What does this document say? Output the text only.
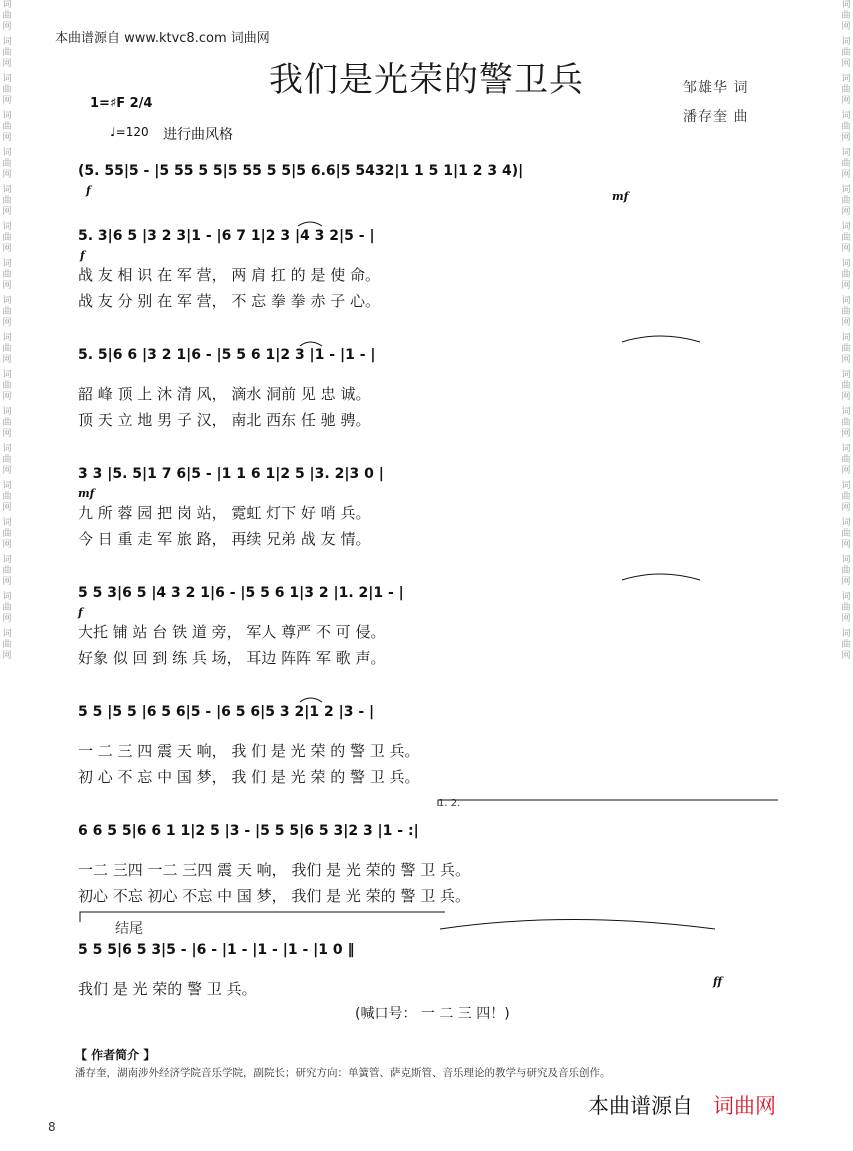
词
曲
网
词
曲
网
词
曲
网
词
曲
网
词
曲
网
词
曲
网
词
曲
网
词
曲
网
词
曲
网
词
曲
网
词
曲
网
词
曲
网
词
曲
网
词
曲
网
词
曲
网
词
曲
网
词
曲
网
词
曲
网
词
曲
网
词
曲
网
词
曲
网
词
曲
网
词
曲
网
词
曲
网
词
曲
网
词
曲
网
词
曲
网
词
曲
网
词
曲
网
词
曲
网
词
曲
网
词
曲
网
词
曲
网
词
曲
网
词
曲
网
词
曲
网
本曲谱源自 www.ktvc8.com 词曲网
我们是光荣的警卫兵	邹雄华 词
潘存奎 曲
1=♯F 2/4
♩=120 进行曲风格
(5. 55|5 - |5 55 5 5|5 55 5 5|5 6.6|5 5432|1 1 5 1|1 2 3 4)|
5. 3|6 5 |3 2 3|1 - |6 7 1|2 3 |4 3 2|5 - |
战 友 相 识 在 军 营， 两 肩 扛 的 是 使 命。
战 友 分 别 在 军 营， 不 忘 拳 拳 赤 子 心。
5. 5|6 6 |3 2 1|6 - |5 5 6 1|2 3 |1 - |1 - |
韶 峰 顶 上 沐 清 风， 滴水 洞前 见 忠 诚。
顶 天 立 地 男 子 汉， 南北 西东 任 驰 骋。
3 3 |5. 5|1 7 6|5 - |1 1 6 1|2 5 |3. 2|3 0 |
九 所 蓉 园 把 岗 站， 霓虹 灯下 好 哨 兵。
今 日 重 走 军 旅 路， 再续 兄弟 战 友 情。
5 5 3|6 5 |4 3 2 1|6 - |5 5 6 1|3 2 |1. 2|1 - |
大托 铺 站 台 铁 道 旁， 军人 尊严 不 可 侵。
好象 似 回 到 练 兵 场， 耳边 阵阵 军 歌 声。
5 5 |5 5 |6 5 6|5 - |6 5 6|5 3 2|1 2 |3 - |
一 二 三 四 震 天 响， 我 们 是 光 荣 的 警 卫 兵。
初 心 不 忘 中 国 梦， 我 们 是 光 荣 的 警 卫 兵。
1. 2.
6 6 5 5|6 6 1 1|2 5 |3 - |5 5 5|6 5 3|2 3 |1 - :|
一二 三四 一二 三四 震 天 响， 我们 是 光 荣的 警 卫 兵。
初心 不忘 初心 不忘 中 国 梦， 我们 是 光 荣的 警 卫 兵。
结尾
5 5 5|6 5 3|5 - |6 - |1 - |1 - |1 - |1 0 ‖
我们 是 光 荣的 警 卫 兵。
(喊口号： 一 二 三 四！)
f
f
mf
mf
f
ff
【 作者简介 】
潘存奎，湖南涉外经济学院音乐学院，副院长；研究方向：单簧管、萨克斯管、音乐理论的教学与研究及音乐创作。
本曲谱源自 词曲网
8
